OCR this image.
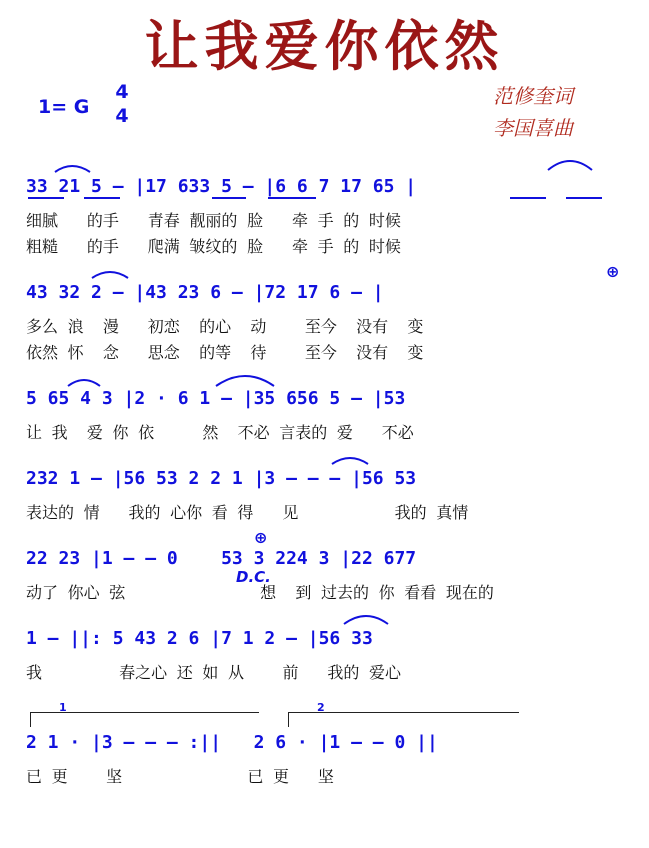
让我爱你依然
1= G
4
4
范修奎词
李国喜曲
33 21 5 — |17 633 5 — |6 6 7 17 65 |
细腻   的手   青春 靓丽的 脸   牵 手 的 时候
粗糙   的手   爬满 皱纹的 脸   牵 手 的 时候
43 32 2 — |43 23 6 — |72 17 6 — |
⊕
多么 浪  漫   初恋  的心  动    至今  没有  变
依然 怀  念   思念  的等  待    至今  没有  变
5 65 4 3 |2 · 6 1 — |35 656 5 — |53
让 我  爱 你 依     然  不必 言表的 爱   不必
232 1 — |56 53 2 2 1 |3 — — — |56 53
表达的 情   我的 心你 看 得   见          我的 真情
22 23 |1 — — 0    53 3 224 3 |22 677
⊕
D.C.
动了 你心 弦              想  到 过去的 你 看看 现在的
1 — ||: 5 43 2 6 |7 1 2 — |56 33
我        春之心 还 如 从    前   我的 爱心
1	2
2 1 · |3 — — — :||   2 6 · |1 — — 0 ||
已 更    坚             已 更   坚
